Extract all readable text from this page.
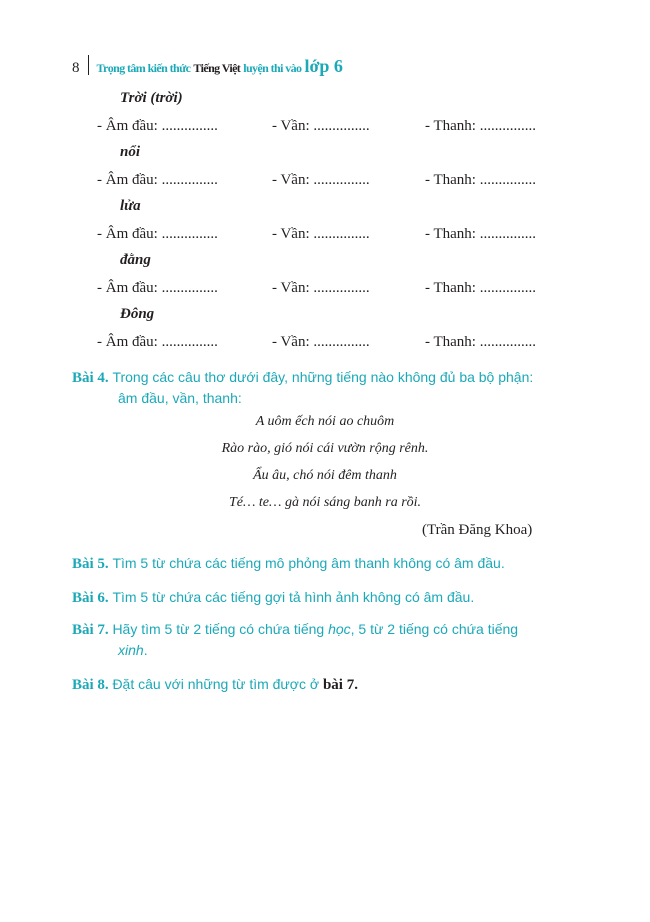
8 Trọng tâm kiến thức Tiếng Việt luyện thi vào lớp 6
Trời (trời)
- Âm đầu: ...............	- Vần: ...............	- Thanh: ...............
nổi
- Âm đầu: ...............	- Vần: ...............	- Thanh: ...............
lửa
- Âm đầu: ...............	- Vần: ...............	- Thanh: ...............
đằng
- Âm đầu: ...............	- Vần: ...............	- Thanh: ...............
Đông
- Âm đầu: ...............	- Vần: ...............	- Thanh: ...............
Bài 4. Trong các câu thơ dưới đây, những tiếng nào không đủ ba bộ phận:
âm đầu, vần, thanh:
A uôm ếch nói ao chuôm
Rào rào, gió nói cái vườn rộng rênh.
Ẩu âu, chó nói đêm thanh
Té… te… gà nói sáng banh ra rồi.
(Trần Đăng Khoa)
Bài 5. Tìm 5 từ chứa các tiếng mô phỏng âm thanh không có âm đầu.
Bài 6. Tìm 5 từ chứa các tiếng gợi tả hình ảnh không có âm đầu.
Bài 7. Hãy tìm 5 từ 2 tiếng có chứa tiếng học, 5 từ 2 tiếng có chứa tiếng
xinh.
Bài 8. Đặt câu với những từ tìm được ở bài 7.
